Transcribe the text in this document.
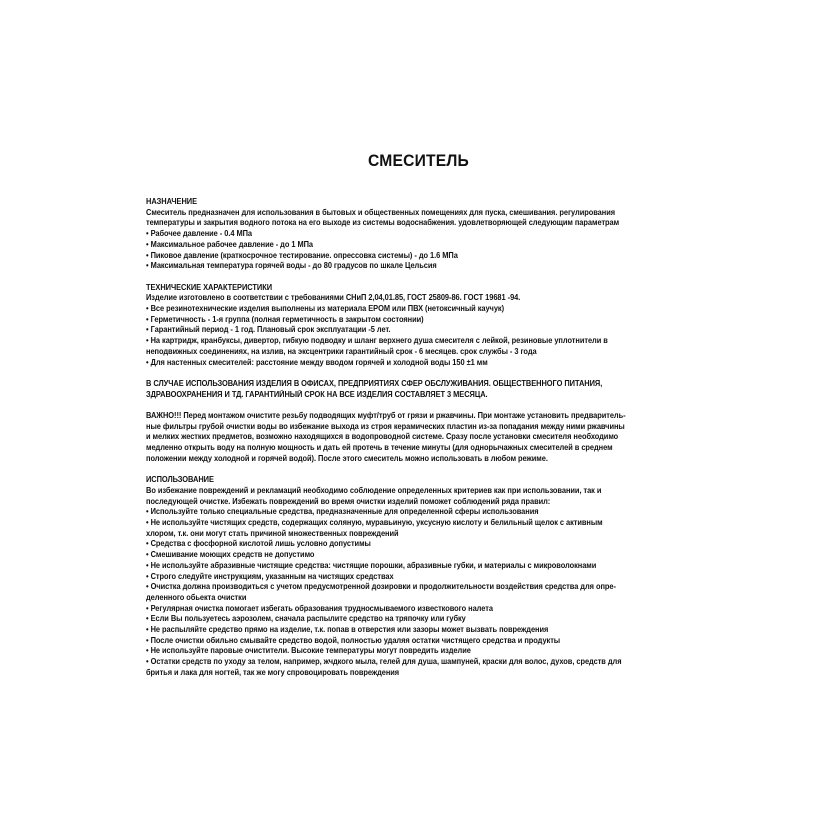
СМЕСИТЕЛЬ
НАЗНАЧЕНИЕ
Смеситель предназначен для использования в бытовых и общественных помещениях для пуска, смешивания. регулирования
температуры и закрытия водного потока на его выходе из системы водоснабжения. удовлетворяющей следующим параметрам
• Рабочее давление - 0.4 МПа
• Максимальное рабочее давление - до 1 МПа
• Пиковое давление (краткосрочное тестирование. опрессовка системы) - до 1.6 МПа
• Максимальная температура горячей воды - до 80 градусов по шкале Цельсия
ТЕХНИЧЕСКИЕ ХАРАКТЕРИСТИКИ
Изделие изготовлено в соответствии с требованиями СНиП 2,04,01.85, ГОСТ 25809-86. ГОСТ 19681 -94.
• Все резинотехнические изделия выполнены из материала EPOM или ПВХ (нетоксичный каучук)
• Герметичность - 1-я группа (полная герметичность в закрытом состоянии)
• Гарантийный период - 1 год. Плановый срок эксплуатации -5 лет.
• На картридж, кранбуксы, дивертор, гибкую подводку и шланг верхнего душа смесителя с лейкой, резиновые уплотнители в
неподвижных соединениях, на излив, на эксцентрики гарантийный срок - 6 месяцев. срок службы - 3 года
• Для настенных смесителей: расстояние между вводом горячей и холодной воды 150 ±1 мм
В СЛУЧАЕ ИСПОЛЬЗОВАНИЯ ИЗДЕЛИЯ В ОФИСАХ, ПРЕДПРИЯТИЯХ СФЕР ОБСЛУЖИВАНИЯ. ОБЩЕСТВЕННОГО ПИТАНИЯ,
ЗДРАВООХРАНЕНИЯ И ТД. ГАРАНТИЙНЫЙ СРОК НА ВСЕ ИЗДЕЛИЯ СОСТАВЛЯЕТ 3 МЕСЯЦА.
ВАЖНО!!! Перед монтажом очистите резьбу подводящих муфт/труб от грязи и ржавчины. При монтаже установить предваритель-
ные фильтры грубой очистки воды во избежание выхода из строя керамических пластин из-за попадания между ними ржавчины
и мелких жестких предметов, возможно находящихся в водопроводной системе. Сразу после установки смесителя необходимо
медленно открыть воду на полную мощность и дать ей протечь в течение минуты (для однорычажных смесителей в среднем
положении между холодной и горячей водой). После этого смеситель можно использовать в любом режиме.
ИСПОЛЬЗОВАНИЕ
Во избежание повреждений и рекламаций необходимо соблюдение определенных критериев как при использовании, так и
последующей очистке. Избежать повреждений во время очистки изделий поможет соблюдений ряда правил:
• Используйте только специальные средства, предназначенные для определенной сферы использования
• Не используйте чистящих средств, содержащих соляную, муравьиную, уксусную кислоту и белильный щелок с активным
хлором, т.к. они могут стать причиной множественных повреждений
• Средства с фосфорной кислотой лишь условно допустимы
• Смешивание моющих средств не допустимо
• Не используйте абразивные чистящие средства: чистящие порошки, абразивные губки, и материалы с микроволокнами
• Строго следуйте инструкциям, указанным на чистящих средствах
• Очистка должна производиться с учетом предусмотренной дозировки и продолжительности воздействия средства для опре-
деленного обьекта очистки
• Регулярная очистка помогает избегать образования трудносмываемого известкового налета
• Если Вы пользуетесь аэрозолем, сначала распылите средство на тряпочку или губку
• Не распыляйте средство прямо на изделие, т.к. попав в отверстия или зазоры может вызвать повреждения
• После очистки обильно смывайте средство водой, полностью удаляя остатки чистящего средства и продукты
• Не используйте паровые очистители. Высокие температуры могут повредить изделие
• Остатки средств по уходу за телом, например, жчдкого мыла, гелей для душа, шампуней, краски для волос, духов, средств для
бритья и лака для ногтей, так же могу спровоцировать повреждения
